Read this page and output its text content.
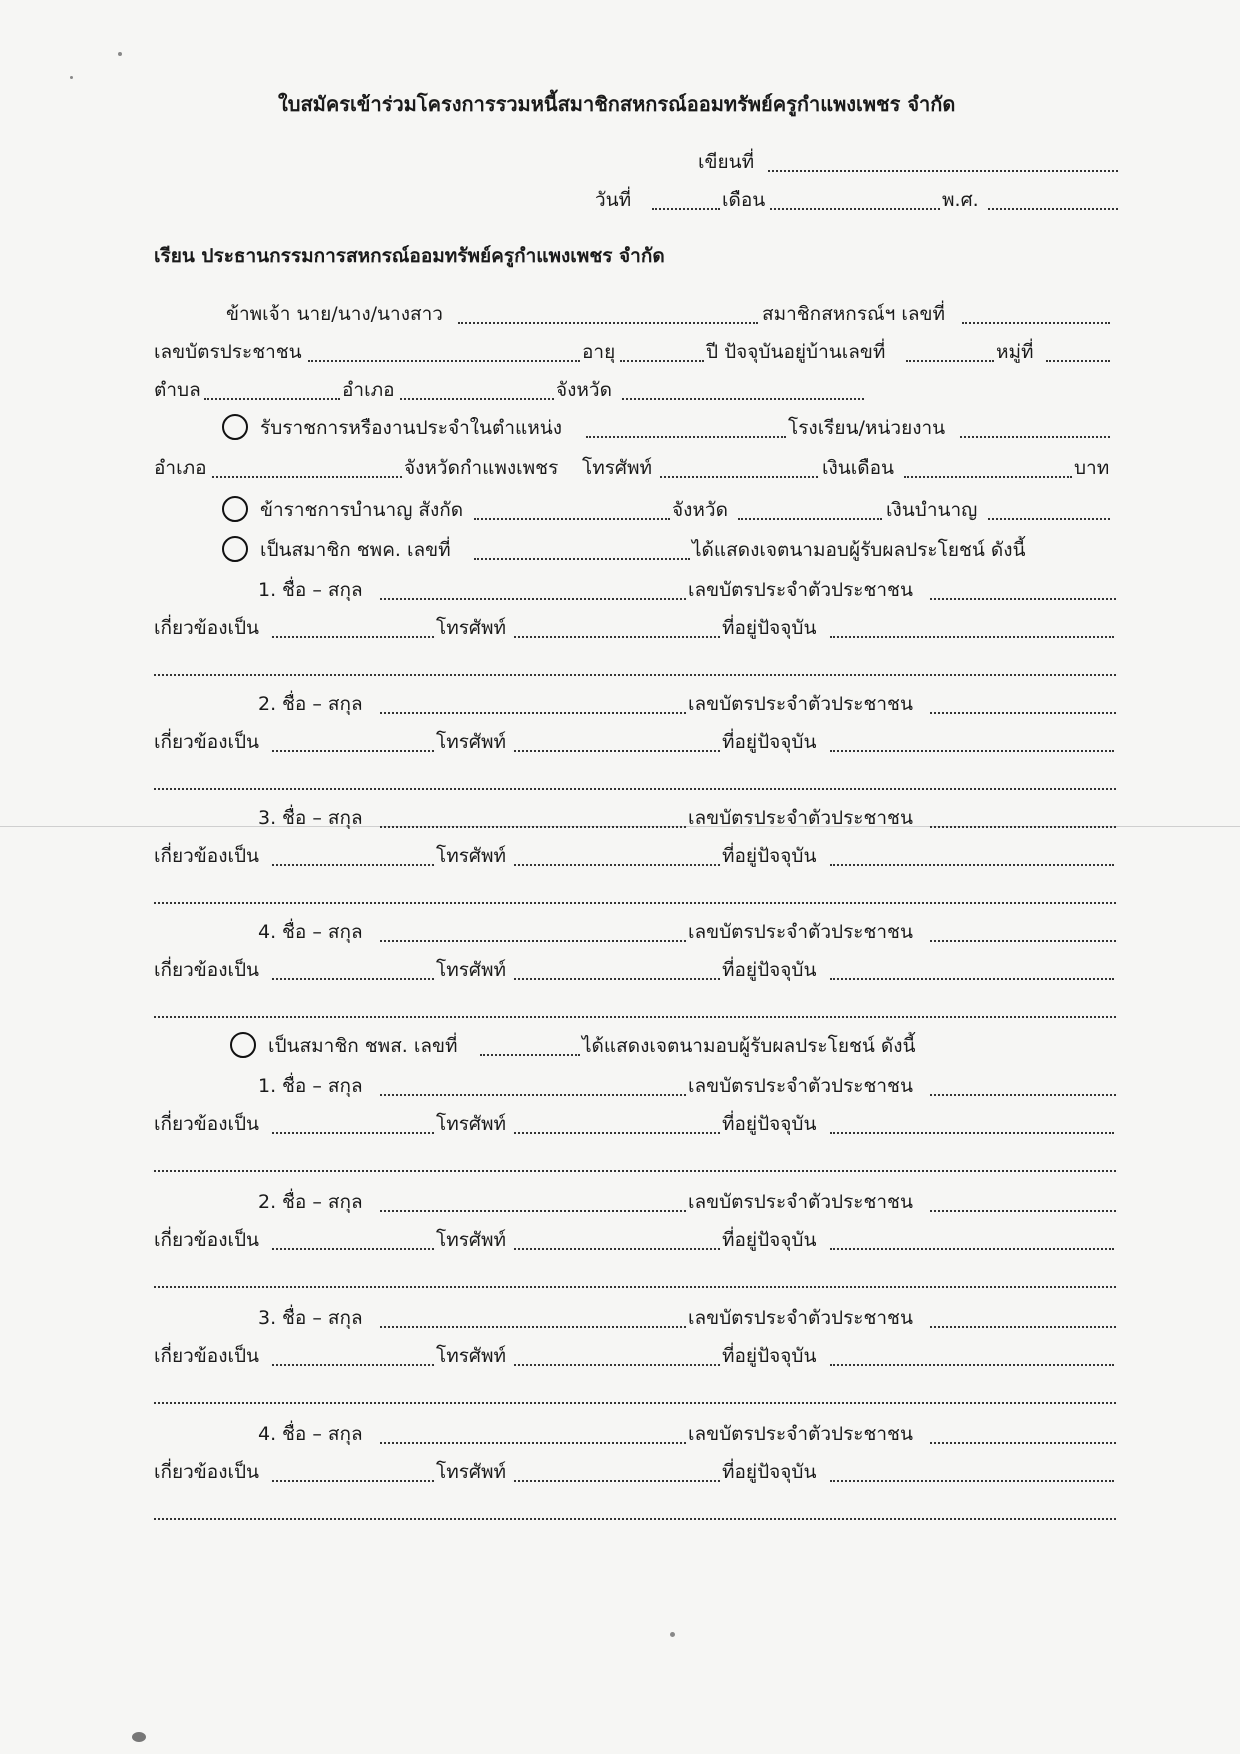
ใบสมัครเข้าร่วมโครงการรวมหนี้สมาชิกสหกรณ์ออมทรัพย์ครูกำแพงเพชร จำกัด
เขียนที่
วันที่	เดือน	พ.ศ.
เรียน ประธานกรรมการสหกรณ์ออมทรัพย์ครูกำแพงเพชร จำกัด
ข้าพเจ้า นาย/นาง/นางสาว	สมาชิกสหกรณ์ฯ เลขที่
เลขบัตรประชาชน	อายุ	ปี ปัจจุบันอยู่บ้านเลขที่	หมู่ที่
ตำบล	อำเภอ	จังหวัด
รับราชการหรืองานประจำในตำแหน่ง	โรงเรียน/หน่วยงาน
อำเภอ	จังหวัดกำแพงเพชร โทรศัพท์	เงินเดือน	บาท
ข้าราชการบำนาญ สังกัด	จังหวัด	เงินบำนาญ
เป็นสมาชิก ชพค. เลขที่	ได้แสดงเจตนามอบผู้รับผลประโยชน์ ดังนี้
1. ชื่อ – สกุล	เลขบัตรประจำตัวประชาชน
เกี่ยวข้องเป็น	โทรศัพท์	ที่อยู่ปัจจุบัน
2. ชื่อ – สกุล	เลขบัตรประจำตัวประชาชน
เกี่ยวข้องเป็น	โทรศัพท์	ที่อยู่ปัจจุบัน
3. ชื่อ – สกุล	เลขบัตรประจำตัวประชาชน
เกี่ยวข้องเป็น	โทรศัพท์	ที่อยู่ปัจจุบัน
4. ชื่อ – สกุล	เลขบัตรประจำตัวประชาชน
เกี่ยวข้องเป็น	โทรศัพท์	ที่อยู่ปัจจุบัน
เป็นสมาชิก ชพส. เลขที่	ได้แสดงเจตนามอบผู้รับผลประโยชน์ ดังนี้
1. ชื่อ – สกุล	เลขบัตรประจำตัวประชาชน
เกี่ยวข้องเป็น	โทรศัพท์	ที่อยู่ปัจจุบัน
2. ชื่อ – สกุล	เลขบัตรประจำตัวประชาชน
เกี่ยวข้องเป็น	โทรศัพท์	ที่อยู่ปัจจุบัน
3. ชื่อ – สกุล	เลขบัตรประจำตัวประชาชน
เกี่ยวข้องเป็น	โทรศัพท์	ที่อยู่ปัจจุบัน
4. ชื่อ – สกุล	เลขบัตรประจำตัวประชาชน
เกี่ยวข้องเป็น	โทรศัพท์	ที่อยู่ปัจจุบัน
